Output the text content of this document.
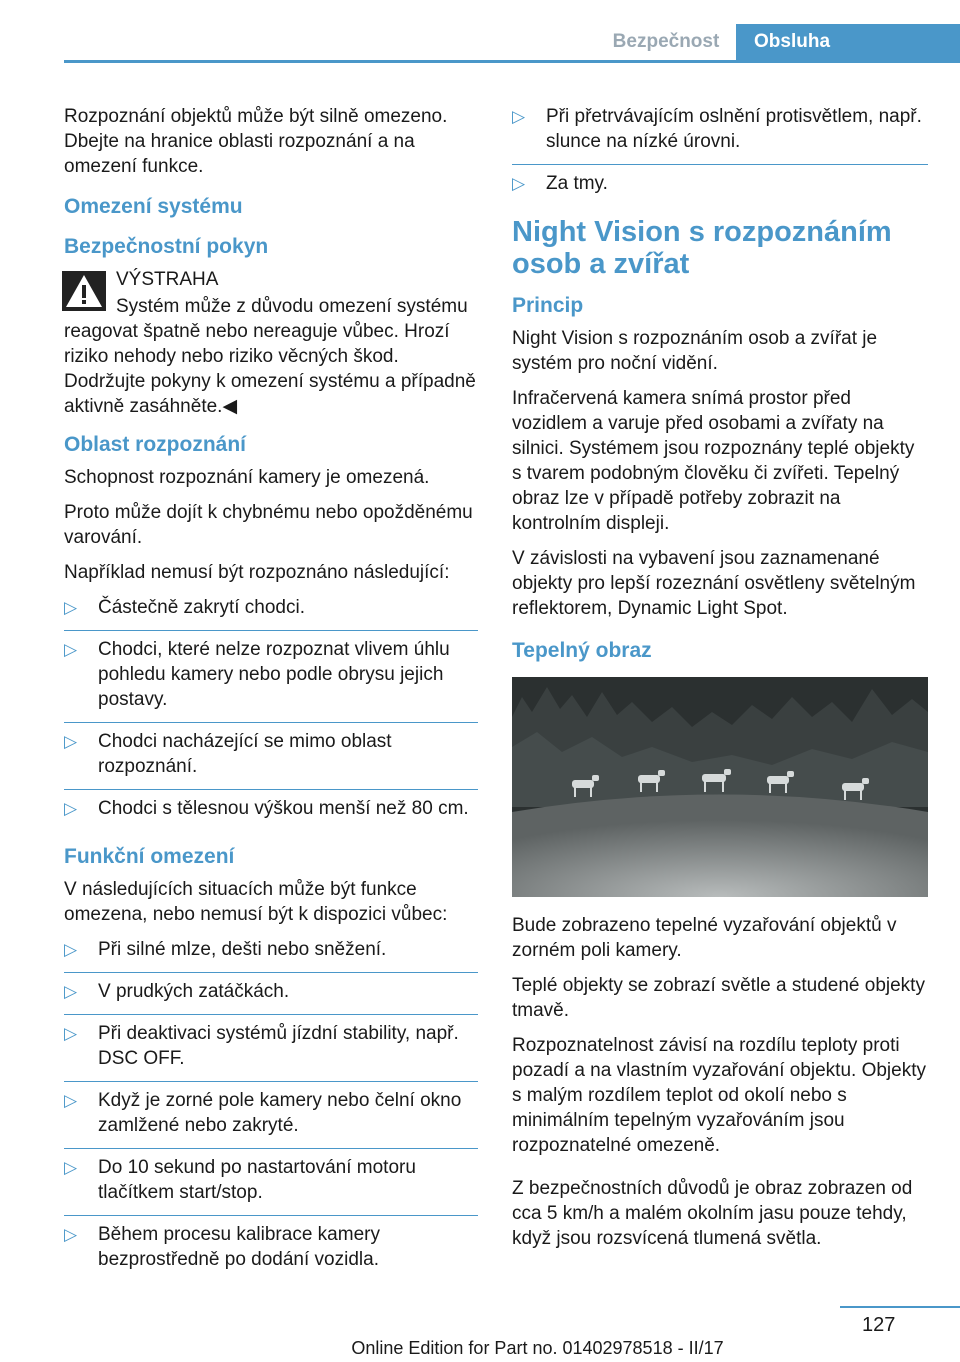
Bezpečnost	Obsluha

Rozpoznání objektů může být silně omezeno. Dbejte na hranice oblasti rozpoznání a na omezení funkce.

Omezení systému
Bezpečnostní pokyn
VÝSTRAHA

Systém může z důvodu omezení systému reagovat špatně nebo nereaguje vůbec. Hrozí riziko nehody nebo riziko věcných škod. Dodržujte pokyny k omezení systému a případně aktivně zasáhněte.◀

Oblast rozpoznání

Schopnost rozpoznání kamery je omezená.

Proto může dojít k chybnému nebo opožděnému varování.

Například nemusí být rozpoznáno následující:

▷ Částečně zakrytí chodci.
▷ Chodci, které nelze rozpoznat vlivem úhlu pohledu kamery nebo podle obrysu jejich postavy.
▷ Chodci nacházející se mimo oblast rozpoznání.
▷ Chodci s tělesnou výškou menší než 80 cm.
Funkční omezení

V následujících situacích může být funkce omezena, nebo nemusí být k dispozici vůbec:

▷ Při silné mlze, dešti nebo sněžení.
▷ V prudkých zatáčkách.
▷ Při deaktivaci systémů jízdní stability, např. DSC OFF.
▷ Když je zorné pole kamery nebo čelní okno zamlžené nebo zakryté.
▷ Do 10 sekund po nastartování motoru tlačítkem start/stop.
▷ Během procesu kalibrace kamery bezprostředně po dodání vozidla.
▷ Při přetrvávajícím oslnění protisvětlem, např. slunce na nízké úrovni.
▷ Za tmy.
Night Vision s rozpoznáním osob a zvířat
Princip

Night Vision s rozpoznáním osob a zvířat je systém pro noční vidění.

Infračervená kamera snímá prostor před vozidlem a varuje před osobami a zvířaty na silnici. Systémem jsou rozpoznány teplé objekty s tvarem podobným člověku či zvířeti. Tepelný obraz lze v případě potřeby zobrazit na kontrolním displeji.

V závislosti na vybavení jsou zaznamenané objekty pro lepší rozeznání osvětleny světelným reflektorem, Dynamic Light Spot.

Tepelný obraz

Bude zobrazeno tepelné vyzařování objektů v zorném poli kamery.

Teplé objekty se zobrazí světle a studené objekty tmavě.

Rozpoznatelnost závisí na rozdílu teploty proti pozadí a na vlastním vyzařování objektu. Objekty s malým rozdílem teplot od okolí nebo s minimálním tepelným vyzařováním jsou rozpoznatelné omezeně.

Z bezpečnostních důvodů je obraz zobrazen od cca 5 km/h a malém okolním jasu pouze tehdy, když jsou rozsvícená tlumená světla.

127
Online Edition for Part no. 01402978518 - II/17
